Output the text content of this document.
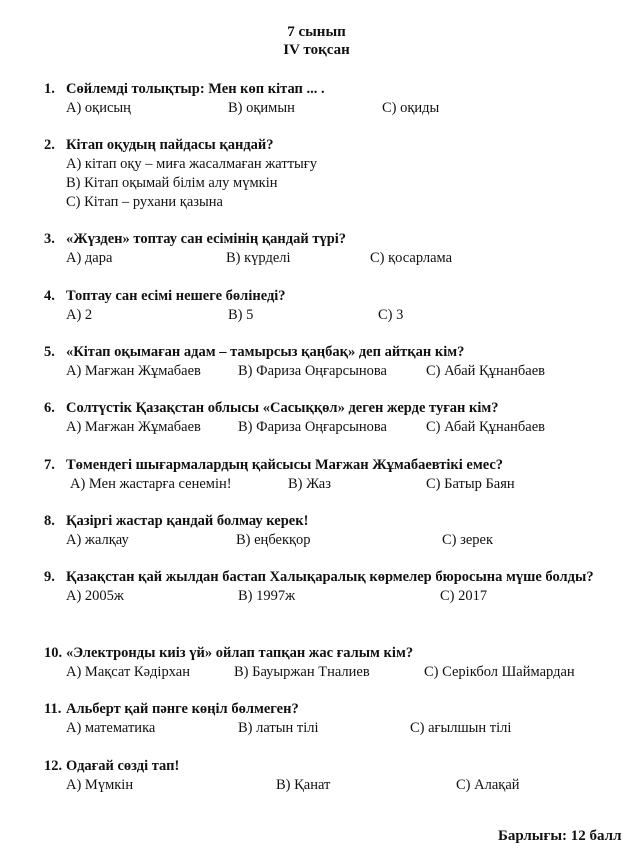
7 сынып
IV тоқсан
1. Сөйлемді толықтыр: Мен көп кітап ... .
А) оқисың	В) оқимын	С) оқиды
2. Кітап оқудың пайдасы қандай?
А) кітап оқу – миға жасалмаған жаттығу
В) Кітап оқымай білім алу мүмкін
С) Кітап – рухани қазына
3. «Жүзден» топтау сан есімінің қандай түрі?
А) дара	В) күрделі	С) қосарлама
4. Топтау сан есімі нешеге бөлінеді?
А) 2	В) 5	С) 3
5. «Кітап оқымаған адам – тамырсыз қаңбақ» деп айтқан кім?
А) Мағжан Жұмабаев	В) Фариза Оңғарсынова	С) Абай Құнанбаев
6. Солтүстік Қазақстан облысы «Сасыққөл» деген жерде туған кім?
А) Мағжан Жұмабаев	В) Фариза Оңғарсынова	С) Абай Құнанбаев
7. Төмендегі шығармалардың қайсысы Мағжан Жұмабаевтікі емес?
А) Мен жастарға сенемін!	В) Жаз	С) Батыр Баян
8. Қазіргі жастар қандай болмау керек!
А) жалқау	В) еңбекқор	С) зерек
9. Қазақстан қай жылдан бастап Халықаралық көрмелер бюросына мүше болды?
А) 2005ж	В) 1997ж	С) 2017
10. «Электронды киіз үй» ойлап тапқан жас ғалым кім?
А) Мақсат Кәдірхан	В) Бауыржан Тналиев	С) Серікбол Шаймардан
11. Альберт қай пәнге көңіл бөлмеген?
А) математика	В) латын тілі	С) ағылшын тілі
12. Одағай сөзді тап!
А) Мүмкін	В) Қанат	С) Алақай
Барлығы: 12 балл
